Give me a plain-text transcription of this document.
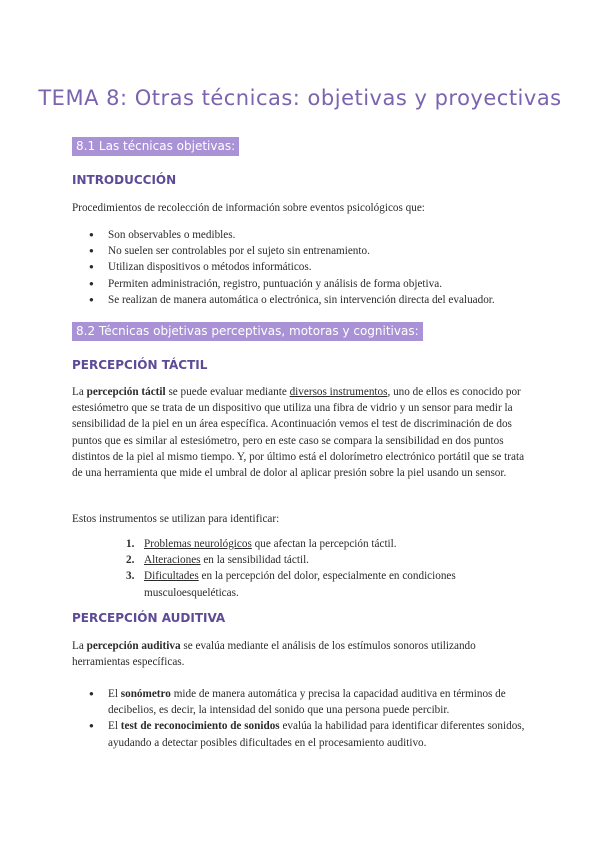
TEMA 8: Otras técnicas: objetivas y proyectivas
8.1 Las técnicas objetivas:
INTRODUCCIÓN

Procedimientos de recolección de información sobre eventos psicológicos que:

● Son observables o medibles.
● No suelen ser controlables por el sujeto sin entrenamiento.
● Utilizan dispositivos o métodos informáticos.
● Permiten administración, registro, puntuación y análisis de forma objetiva.
● Se realizan de manera automática o electrónica, sin intervención directa del evaluador.
8.2 Técnicas objetivas perceptivas, motoras y cognitivas:
PERCEPCIÓN TÁCTIL

La percepción táctil se puede evaluar mediante diversos instrumentos, uno de ellos es conocido por estesiómetro que se trata de un dispositivo que utiliza una fibra de vidrio y un sensor para medir la sensibilidad de la piel en un área específica. Acontinuación vemos el test de discriminación de dos puntos que es similar al estesiómetro, pero en este caso se compara la sensibilidad en dos puntos distintos de la piel al mismo tiempo. Y, por último está el dolorímetro electrónico portátil que se trata de una herramienta que mide el umbral de dolor al aplicar presión sobre la piel usando un sensor.

Estos instrumentos se utilizan para identificar:

1. Problemas neurológicos que afectan la percepción táctil.
2. Alteraciones en la sensibilidad táctil.
3. Dificultades en la percepción del dolor, especialmente en condiciones musculoesqueléticas.
PERCEPCIÓN AUDITIVA

La percepción auditiva se evalúa mediante el análisis de los estímulos sonoros utilizando herramientas específicas.

● El sonómetro mide de manera automática y precisa la capacidad auditiva en términos de decibelios, es decir, la intensidad del sonido que una persona puede percibir.
● El test de reconocimiento de sonidos evalúa la habilidad para identificar diferentes sonidos, ayudando a detectar posibles dificultades en el procesamiento auditivo.
